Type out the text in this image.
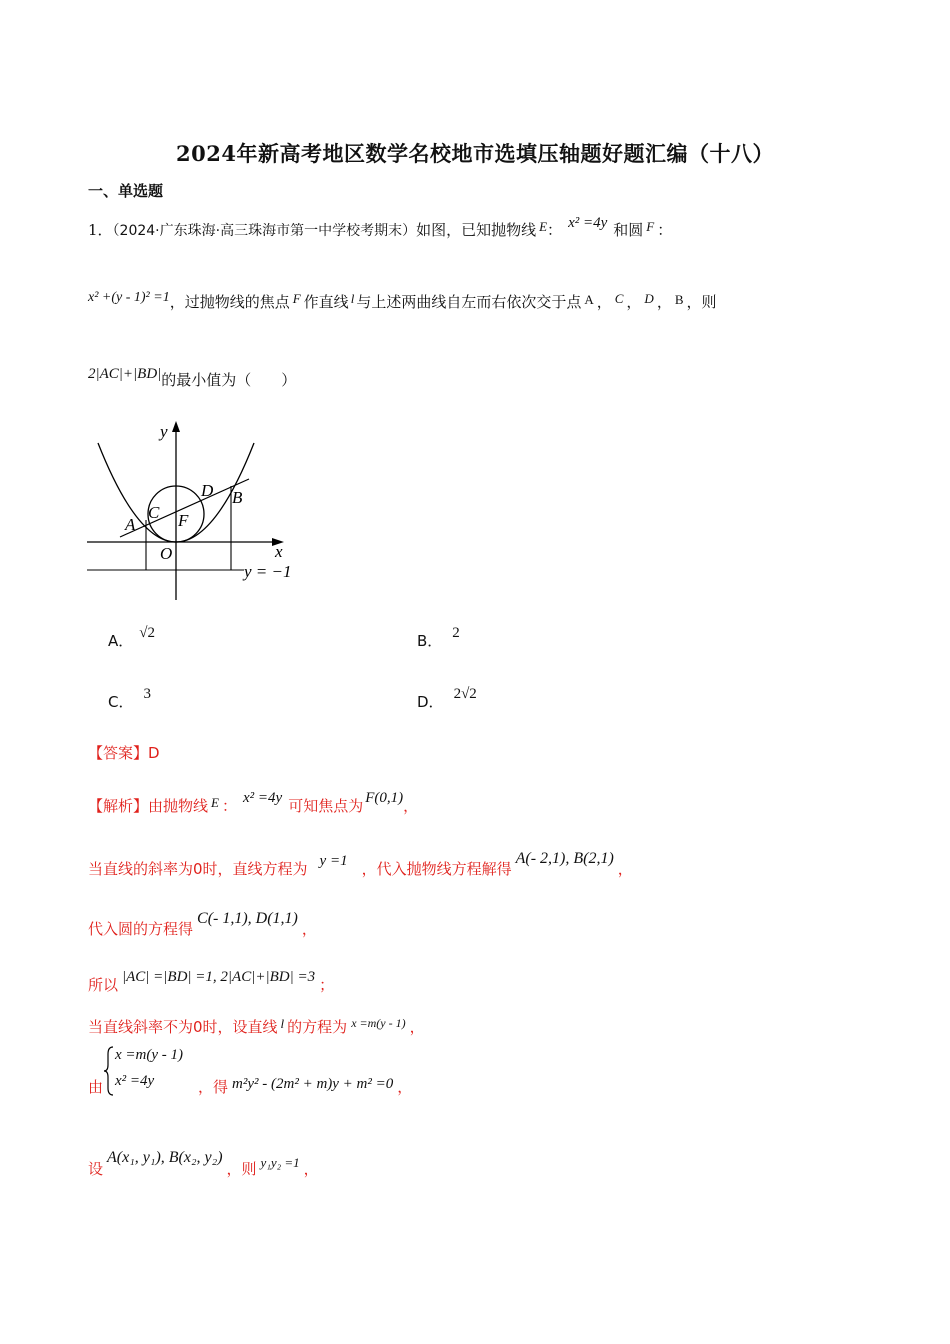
2024年新高考地区数学名校地市选填压轴题好题汇编（十八）
一、单选题
1．（2024·广东珠海·高三珠海市第一中学校考期末）如图，已知抛物线 E： x² =4y 和圆 F ：
x² +(y - 1)² =1，过抛物线的焦点 F 作直线 l 与上述两曲线自左而右依次交于点 A ， C ， D ， B ，则
2|AC|+|BD|的最小值为（　　）
y
x
A
C
D B
F
O
y = −1
A． √2	B． 2
C． 3	D． 2√2
【答案】D
【解析】由抛物线 E ： x² =4y 可知焦点为 F(0,1)，
当直线的斜率为0时，直线方程为 y =1 ，代入抛物线方程解得A(- 2,1), B(2,1)，
代入圆的方程得C(- 1,1), D(1,1)，
所以 |AC| =|BD| =1, 2|AC|+|BD| =3 ；
当直线斜率不为0时，设直线 l 的方程为 $^{x =m(y - 1)}$ ，
由
x =m(y - 1)
x² =4y	，得 m²y² - (2m² + m)y + m² =0 ，
设A(x₁, y₁), B(x₂, y₂)，则 y₁y₂ =1 ，
